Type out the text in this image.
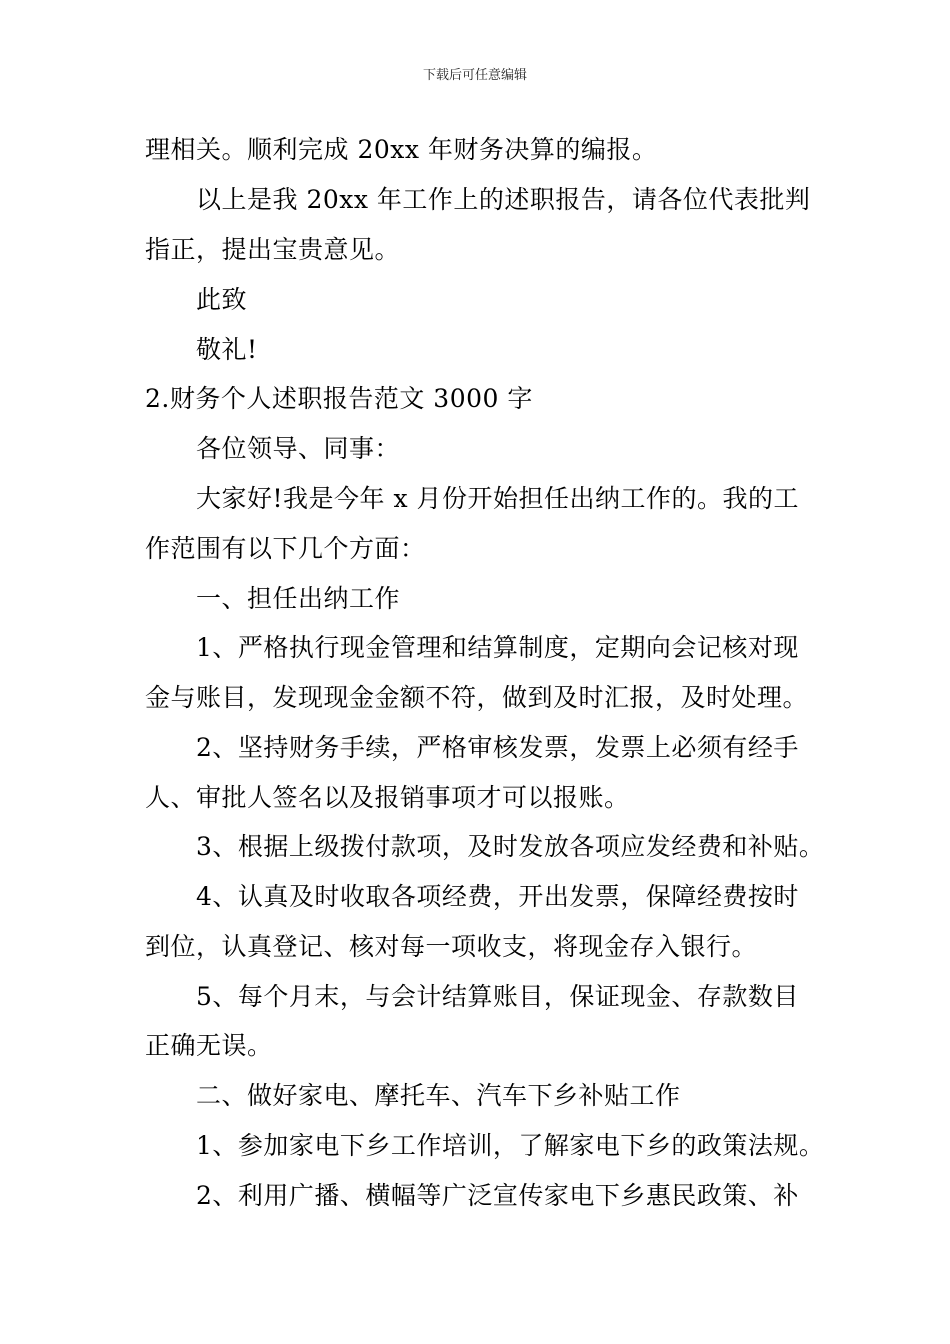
下载后可任意编辑
理相关。顺利完成 20xx 年财务决算的编报。
以上是我 20xx 年工作上的述职报告，请各位代表批判
指正，提出宝贵意见。
此致
敬礼!
2.财务个人述职报告范文 3000 字
各位领导、同事：
大家好!我是今年 x 月份开始担任出纳工作的。我的工
作范围有以下几个方面：
一、担任出纳工作
1、严格执行现金管理和结算制度，定期向会记核对现
金与账目，发现现金金额不符，做到及时汇报，及时处理。
2、坚持财务手续，严格审核发票，发票上必须有经手
人、审批人签名以及报销事项才可以报账。
3、根据上级拨付款项，及时发放各项应发经费和补贴。
4、认真及时收取各项经费，开出发票，保障经费按时
到位，认真登记、核对每一项收支，将现金存入银行。
5、每个月末，与会计结算账目，保证现金、存款数目
正确无误。
二、做好家电、摩托车、汽车下乡补贴工作
1、参加家电下乡工作培训，了解家电下乡的政策法规。
2、利用广播、横幅等广泛宣传家电下乡惠民政策、补
